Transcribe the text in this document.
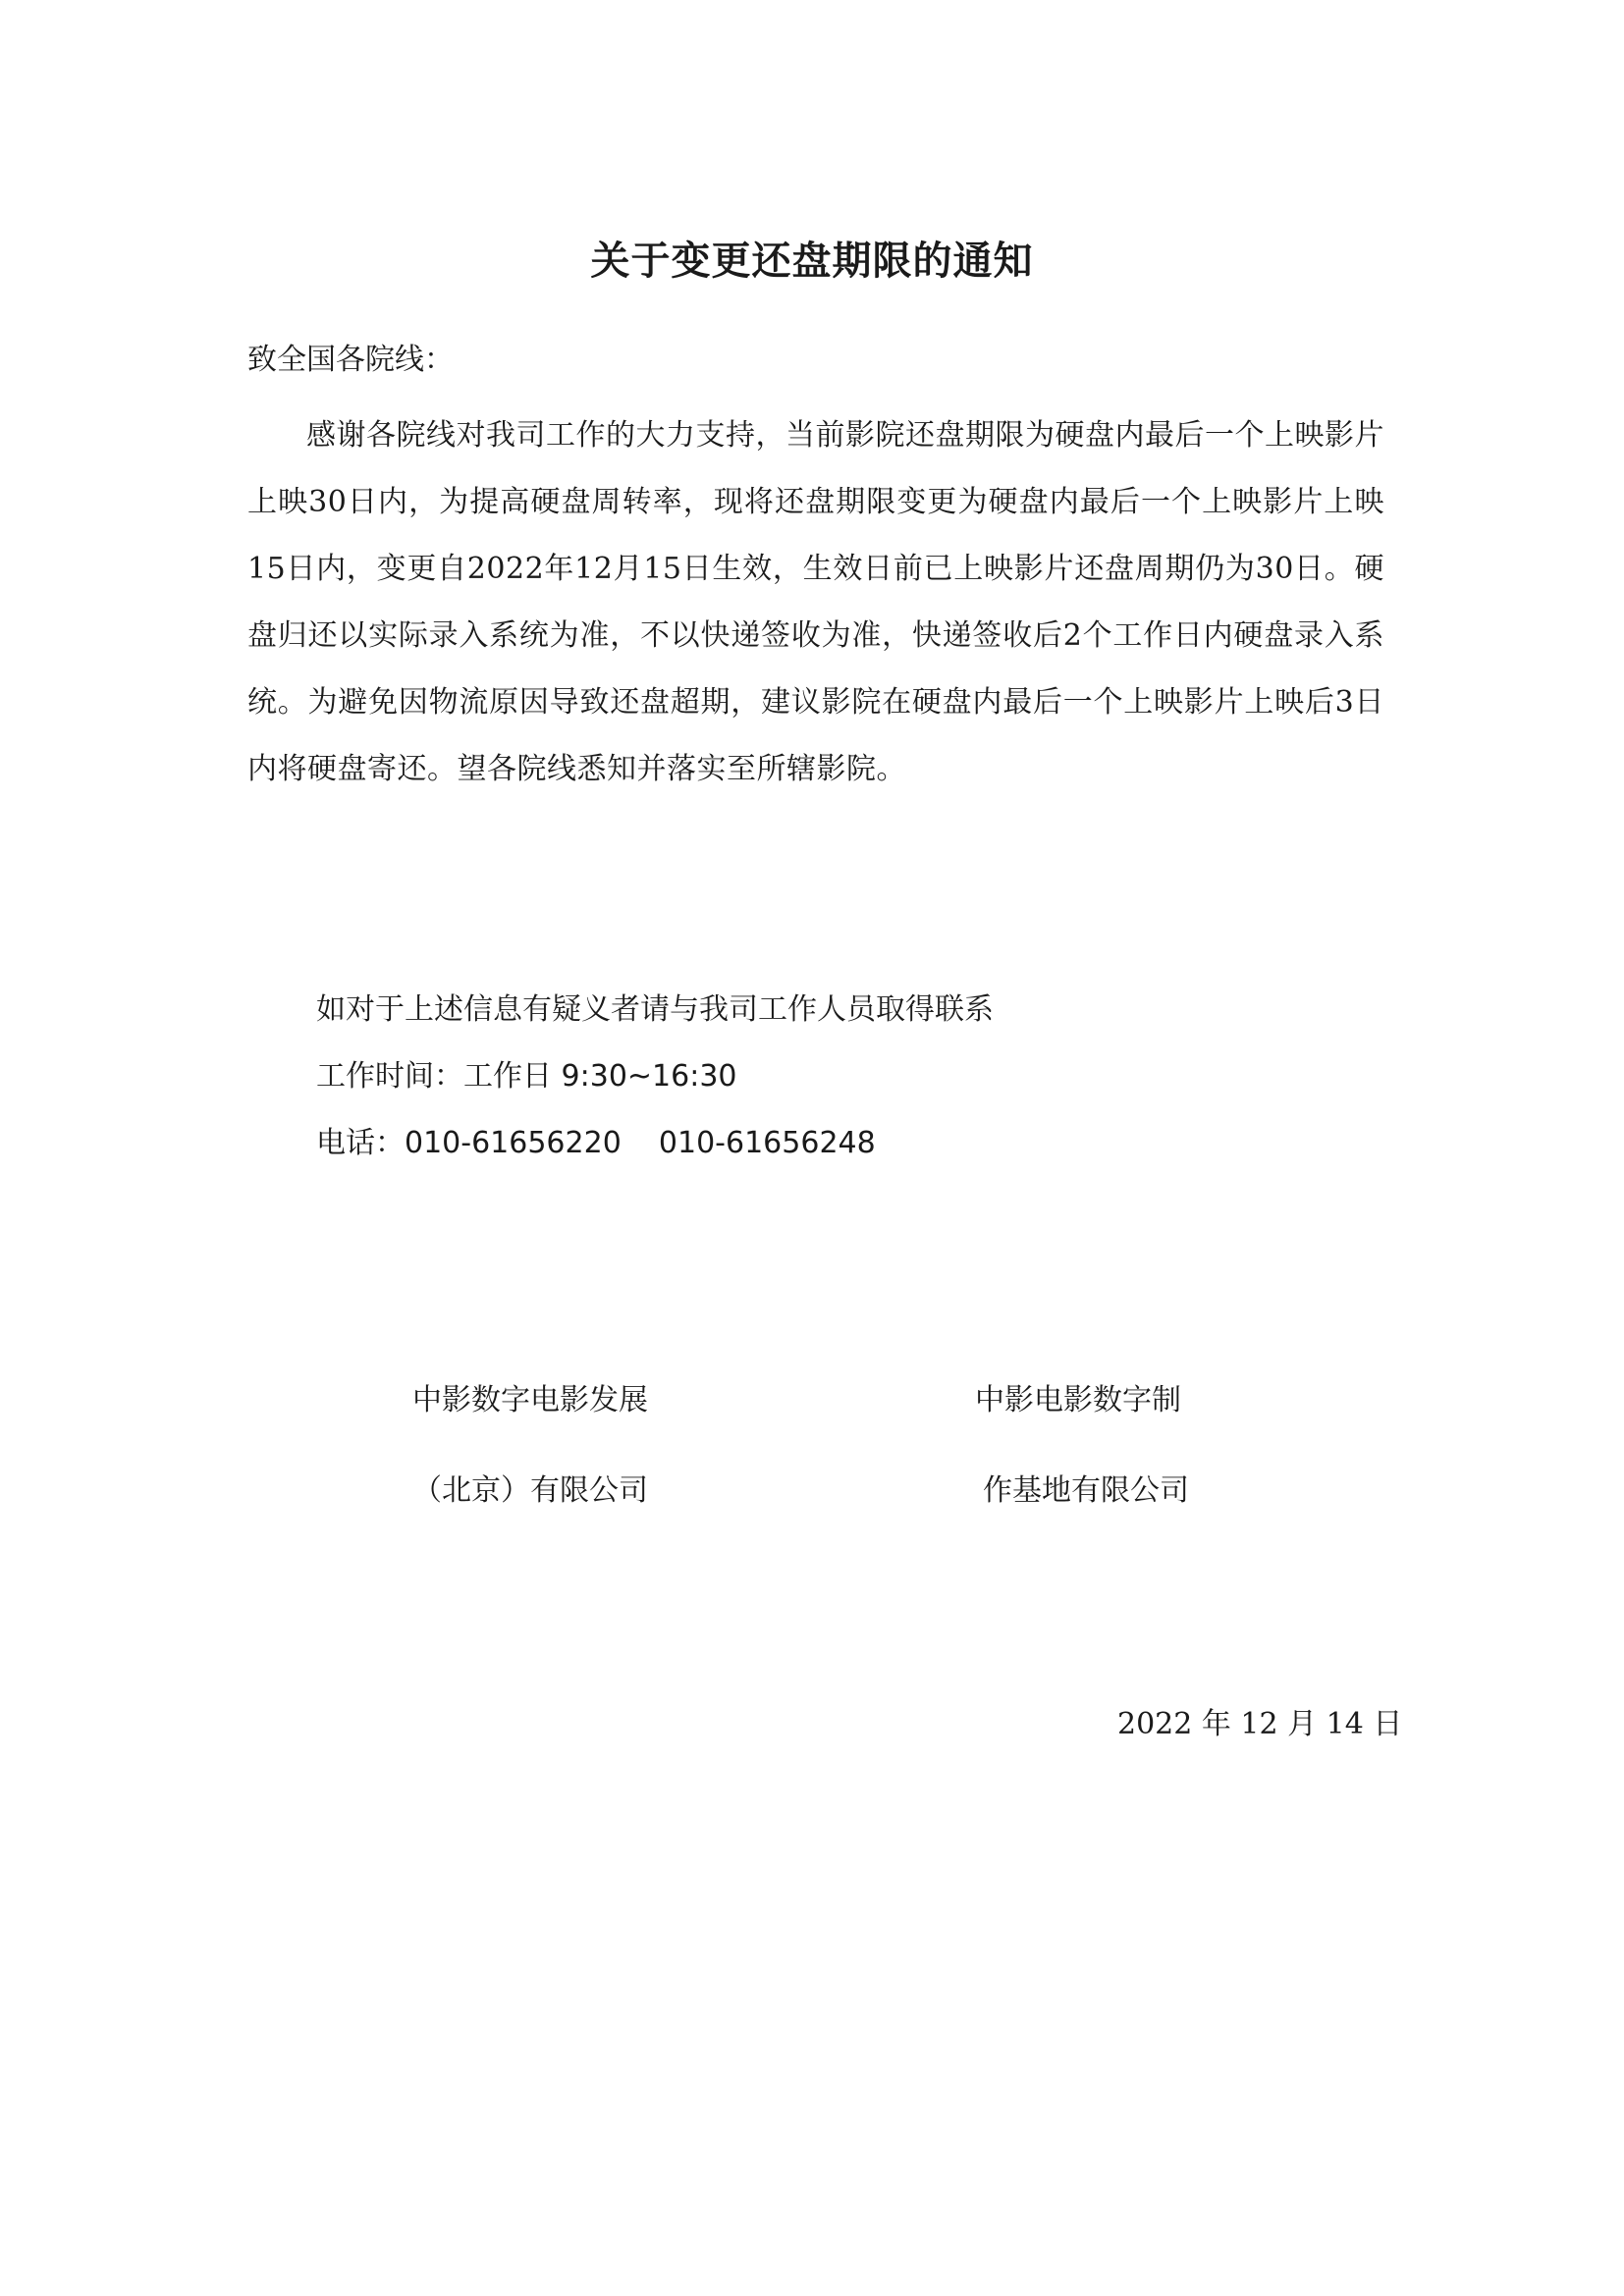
关于变更还盘期限的通知

致全国各院线：

感谢各院线对我司工作的大力支持，当前影院还盘期限为硬盘内最后一个上映影片上映30日内，为提高硬盘周转率，现将还盘期限变更为硬盘内最后一个上映影片上映15日内，变更自2022年12月15日生效，生效日前已上映影片还盘周期仍为30日。硬盘归还以实际录入系统为准，不以快递签收为准，快递签收后2个工作日内硬盘录入系统。为避免因物流原因导致还盘超期，建议影院在硬盘内最后一个上映影片上映后3日内将硬盘寄还。望各院线悉知并落实至所辖影院。

如对于上述信息有疑义者请与我司工作人员取得联系
工作时间：工作日 9:30~16:30
电话：010-61656220    010-61656248

中影数字电影发展

（北京）有限公司

中影电影数字制

作基地有限公司

2022 年 12 月 14 日
